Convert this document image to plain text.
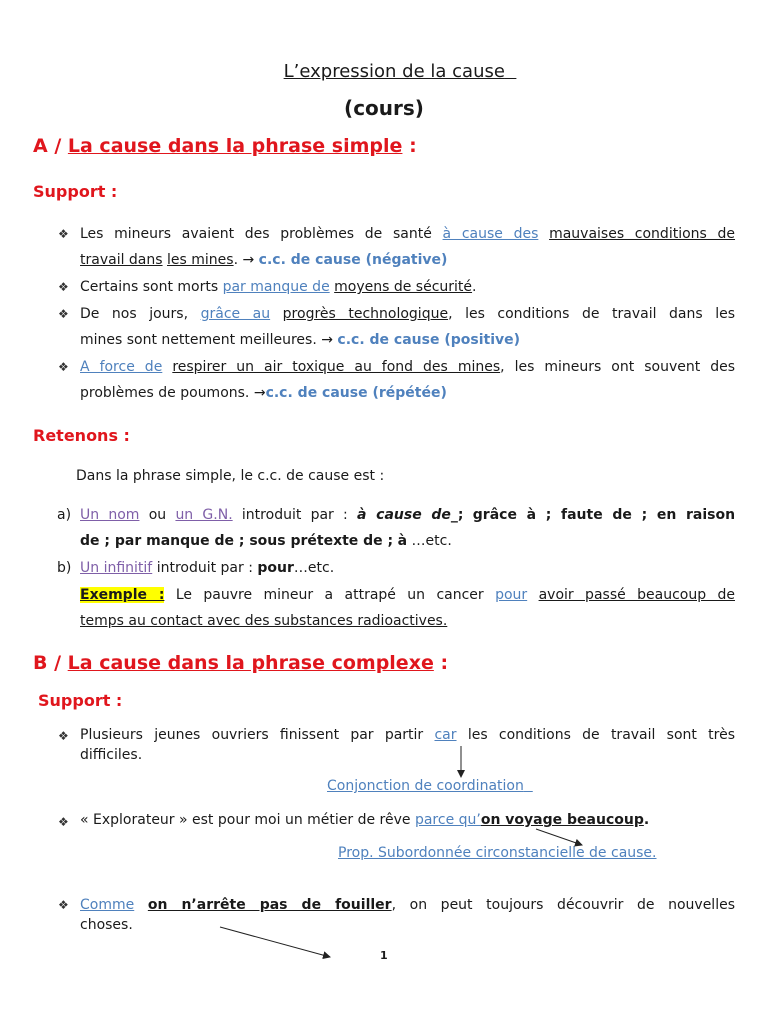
L’expression de la cause
(cours)
A / La cause dans la phrase simple :
Support :
❖ Les mineurs avaient des problèmes de santé à cause des mauvaises conditions de
travail dans les mines. → c.c. de cause (négative)
❖ Certains sont morts par manque de moyens de sécurité.
❖ De nos jours, grâce au progrès technologique, les conditions de travail dans les
mines sont nettement meilleures. → c.c. de cause (positive)
❖ A force de respirer un air toxique au fond des mines, les mineurs ont souvent des
problèmes de poumons. →c.c. de cause (répétée)
Retenons :
Dans la phrase simple, le c.c. de cause est :
a) Un nom ou un G.N. introduit par : à cause de_; grâce à ; faute de ; en raison
de ; par manque de ; sous prétexte de ; à …etc.
b) Un infinitif introduit par : pour…etc.
Exemple : Le pauvre mineur a attrapé un cancer pour avoir passé beaucoup de
temps au contact avec des substances radioactives.
B / La cause dans la phrase complexe :
Support :
❖ Plusieurs jeunes ouvriers finissent par partir car les conditions de travail sont très
difficiles.
Conjonction de coordination
❖ « Explorateur » est pour moi un métier de rêve parce qu’on voyage beaucoup.
Prop. Subordonnée circonstancielle de cause.
❖ Comme on n’arrête pas de fouiller, on peut toujours découvrir de nouvelles
choses.
1
